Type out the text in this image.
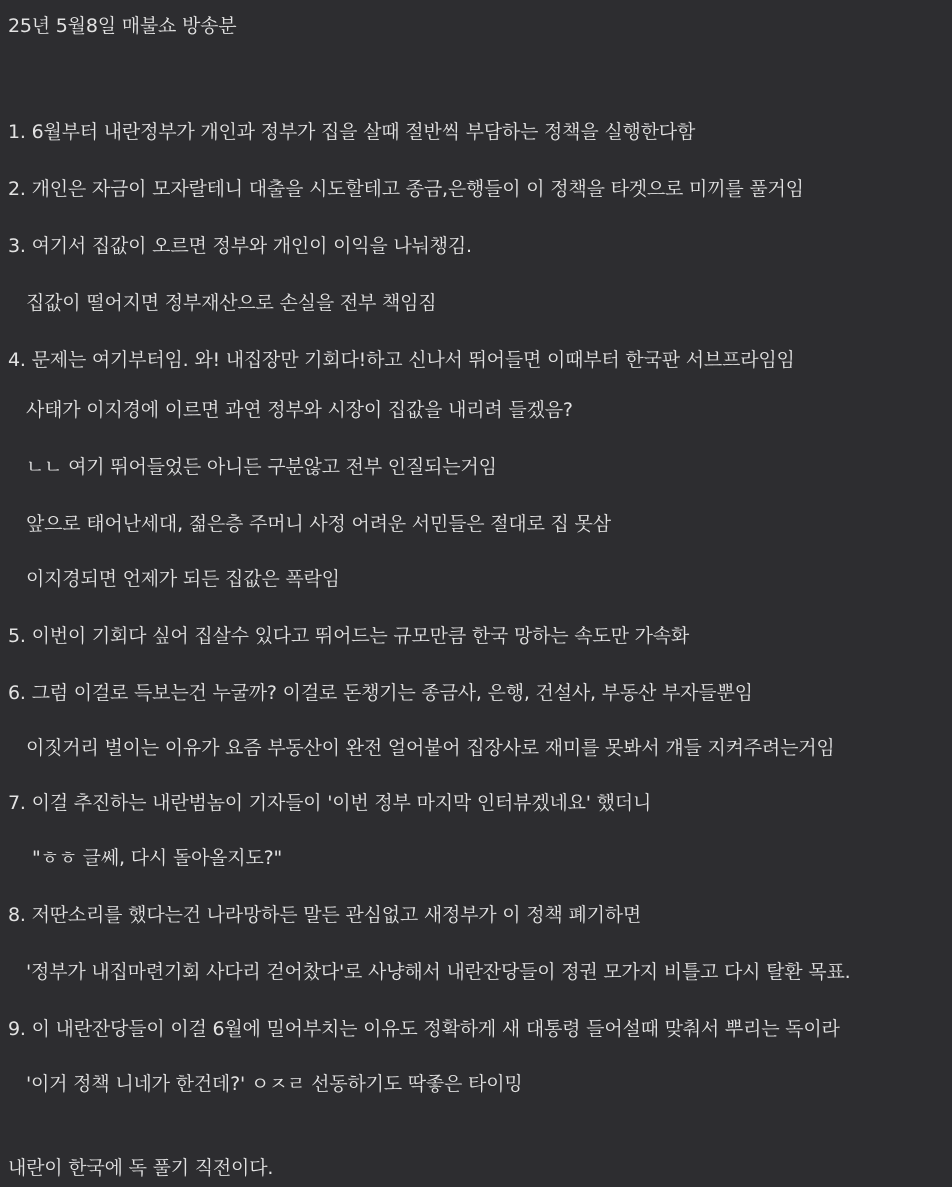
25년 5월8일 매불쇼 방송분
1. 6월부터 내란정부가 개인과 정부가 집을 살때 절반씩 부담하는 정책을 실행한다함
2. 개인은 자금이 모자랄테니 대출을 시도할테고 종금,은행들이 이 정책을 타겟으로 미끼를 풀거임
3. 여기서 집값이 오르면 정부와 개인이 이익을 나눠챙김.
집값이 떨어지면 정부재산으로 손실을 전부 책임짐
4. 문제는 여기부터임. 와! 내집장만 기회다!하고 신나서 뛰어들면 이때부터 한국판 서브프라임임
사태가 이지경에 이르면 과연 정부와 시장이 집값을 내리려 들겠음?
ㄴㄴ 여기 뛰어들었든 아니든 구분않고 전부 인질되는거임
앞으로 태어난세대, 젊은층 주머니 사정 어려운 서민들은 절대로 집 못삼
이지경되면 언제가 되든 집값은 폭락임
5. 이번이 기회다 싶어 집살수 있다고 뛰어드는 규모만큼 한국 망하는 속도만 가속화
6. 그럼 이걸로 득보는건 누굴까? 이걸로 돈챙기는 종금사, 은행, 건설사, 부동산 부자들뿐임
이짓거리 벌이는 이유가 요즘 부동산이 완전 얼어붙어 집장사로 재미를 못봐서 걔들 지켜주려는거임
7. 이걸 추진하는 내란범놈이 기자들이 '이번 정부 마지막 인터뷰겠네요' 했더니
"ㅎㅎ 글쎄, 다시 돌아올지도?"
8. 저딴소리를 했다는건 나라망하든 말든 관심없고 새정부가 이 정책 폐기하면
'정부가 내집마련기회 사다리 걷어찼다'로 사냥해서 내란잔당들이 정권 모가지 비틀고 다시 탈환 목표.
9. 이 내란잔당들이 이걸 6월에 밀어부치는 이유도 정확하게 새 대통령 들어설때 맞춰서 뿌리는 독이라
'이거 정책 니네가 한건데?' ㅇㅈㄹ 선동하기도 딱좋은 타이밍
내란이 한국에 독 풀기 직전이다.
